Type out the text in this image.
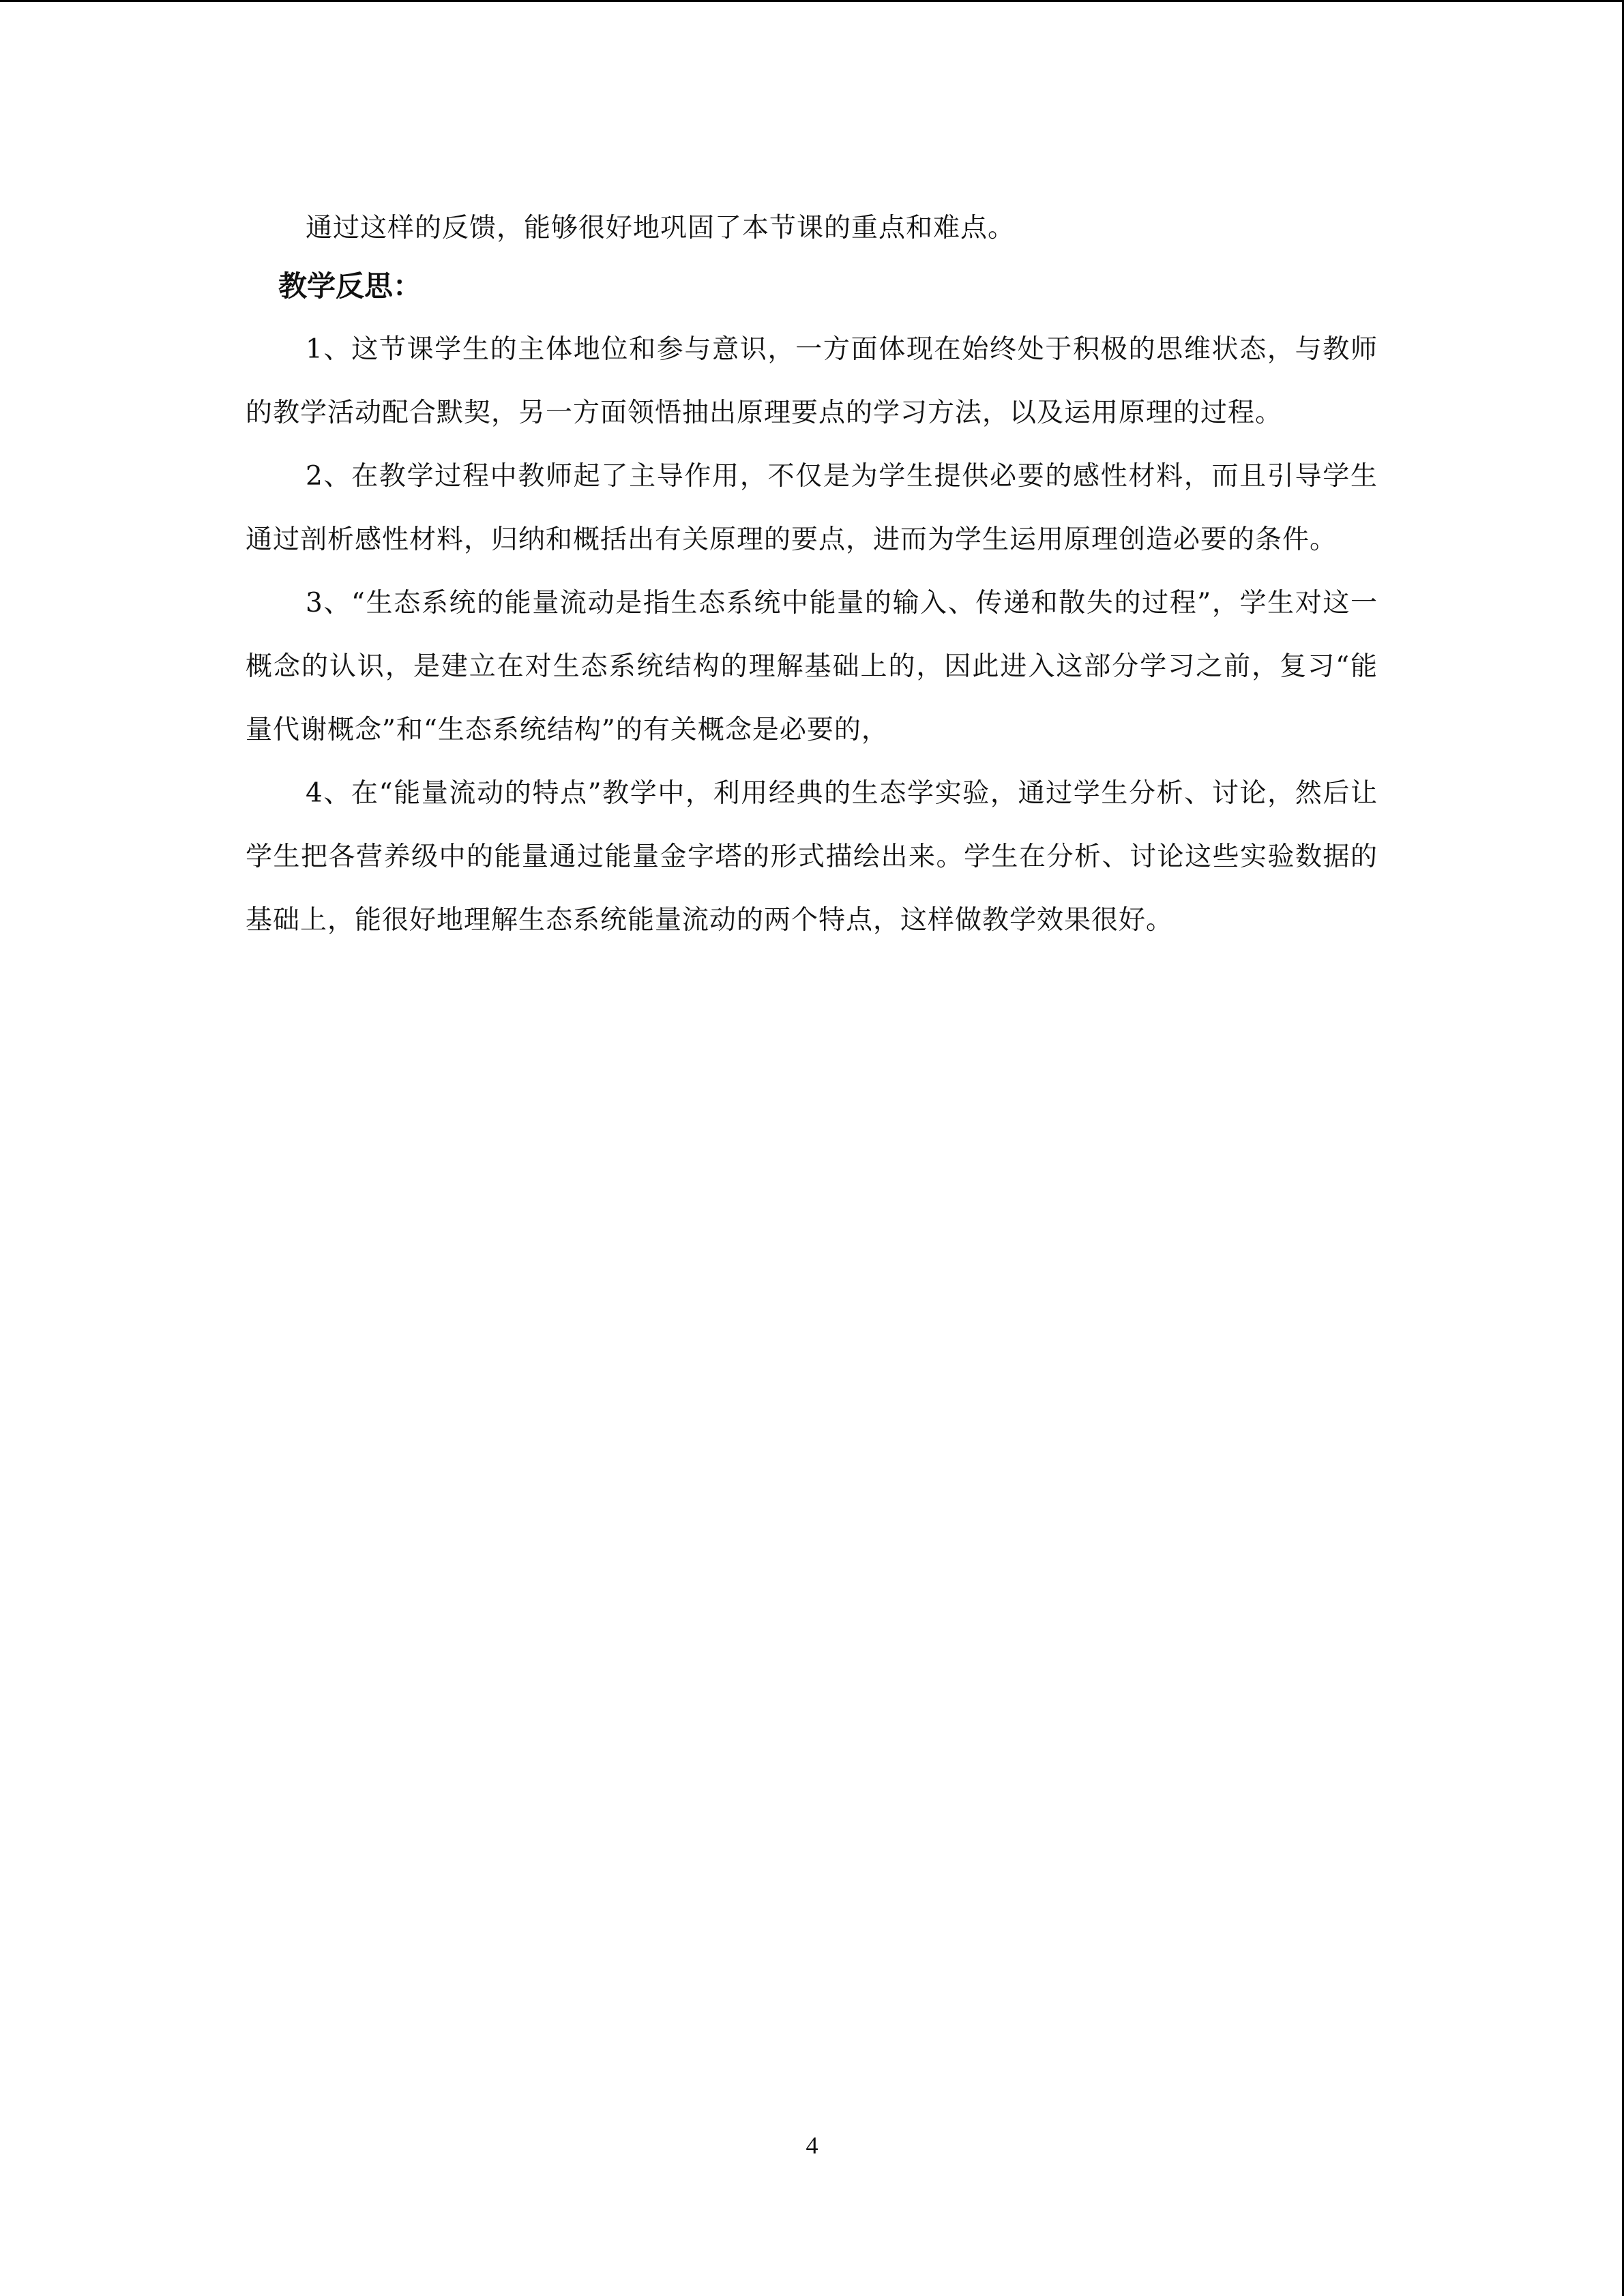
通过这样的反馈，能够很好地巩固了本节课的重点和难点。

教学反思：

1、这节课学生的主体地位和参与意识，一方面体现在始终处于积极的思维状态，与教师的教学活动配合默契，另一方面领悟抽出原理要点的学习方法，以及运用原理的过程。

2、在教学过程中教师起了主导作用，不仅是为学生提供必要的感性材料，而且引导学生通过剖析感性材料，归纳和概括出有关原理的要点，进而为学生运用原理创造必要的条件。

3、“生态系统的能量流动是指生态系统中能量的输入、传递和散失的过程”，学生对这一概念的认识，是建立在对生态系统结构的理解基础上的，因此进入这部分学习之前，复习“能量代谢概念”和“生态系统结构”的有关概念是必要的，

4、在“能量流动的特点”教学中，利用经典的生态学实验，通过学生分析、讨论，然后让学生把各营养级中的能量通过能量金字塔的形式描绘出来。学生在分析、讨论这些实验数据的基础上，能很好地理解生态系统能量流动的两个特点，这样做教学效果很好。

4
